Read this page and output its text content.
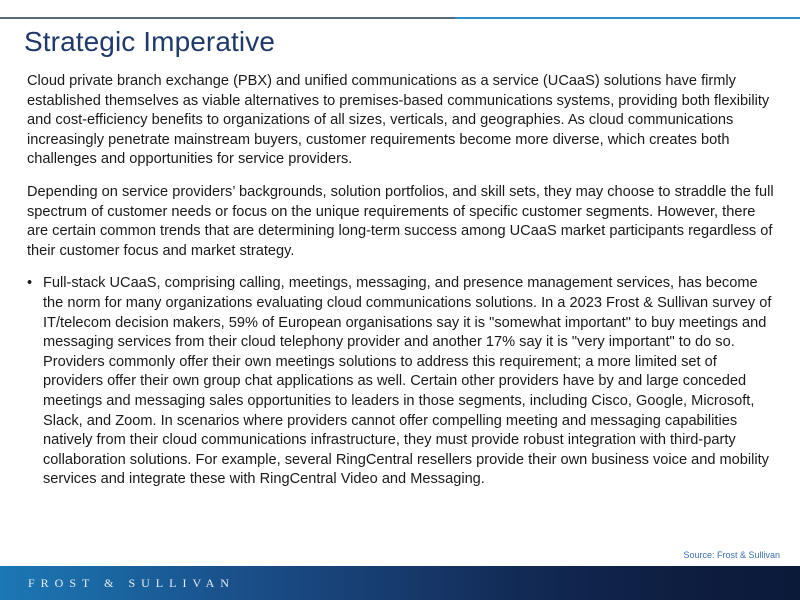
Strategic Imperative

Cloud private branch exchange (PBX) and unified communications as a service (UCaaS) solutions have firmly established themselves as viable alternatives to premises-based communications systems, providing both flexibility and cost-efficiency benefits to organizations of all sizes, verticals, and geographies. As cloud communications increasingly penetrate mainstream buyers, customer requirements become more diverse, which creates both challenges and opportunities for service providers.

Depending on service providers’ backgrounds, solution portfolios, and skill sets, they may choose to straddle the full spectrum of customer needs or focus on the unique requirements of specific customer segments. However, there are certain common trends that are determining long-term success among UCaaS market participants regardless of their customer focus and market strategy.

• Full-stack UCaaS, comprising calling, meetings, messaging, and presence management services, has become the norm for many organizations evaluating cloud communications solutions. In a 2023 Frost & Sullivan survey of IT/telecom decision makers, 59% of European organisations say it is "somewhat important" to buy meetings and messaging services from their cloud telephony provider and another 17% say it is "very important" to do so. Providers commonly offer their own meetings solutions to address this requirement; a more limited set of providers offer their own group chat applications as well. Certain other providers have by and large conceded meetings and messaging sales opportunities to leaders in those segments, including Cisco, Google, Microsoft, Slack, and Zoom. In scenarios where providers cannot offer compelling meeting and messaging capabilities natively from their cloud communications infrastructure, they must provide robust integration with third-party collaboration solutions. For example, several RingCentral resellers provide their own business voice and mobility services and integrate these with RingCentral Video and Messaging.
Source: Frost & Sullivan
FROST & SULLIVAN
